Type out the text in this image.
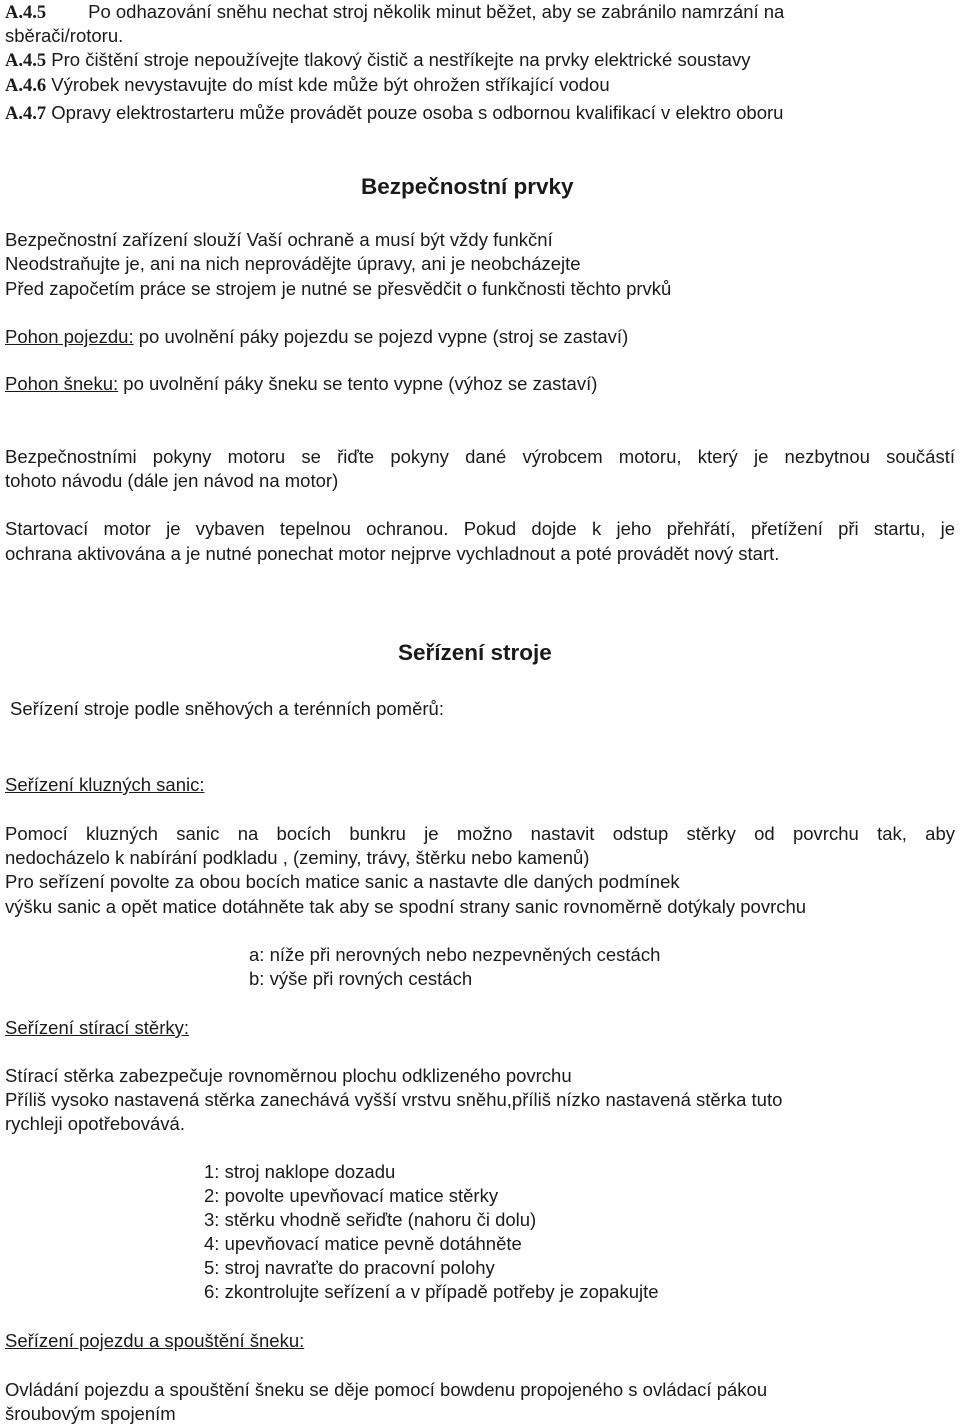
A.4.5 Po odhazování sněhu nechat stroj několik minut běžet, aby se zabránilo namrzání na
sběrači/rotoru.
A.4.5 Pro čištění stroje nepoužívejte tlakový čistič a nestříkejte na prvky elektrické soustavy
A.4.6 Výrobek nevystavujte do míst kde může být ohrožen stříkající vodou
A.4.7 Opravy elektrostarteru může provádět pouze osoba s odbornou kvalifikací v elektro oboru
Bezpečnostní prvky
Bezpečnostní zařízení slouží Vaší ochraně a musí být vždy funkční
Neodstraňujte je, ani na nich neprovádějte úpravy, ani je neobcházejte
Před započetím práce se strojem je nutné se přesvědčit o funkčnosti těchto prvků
Pohon pojezdu: po uvolnění páky pojezdu se pojezd vypne (stroj se zastaví)
Pohon šneku: po uvolnění páky šneku se tento vypne (výhoz se zastaví)
Bezpečnostními pokyny motoru se řiďte pokyny dané výrobcem motoru, který je nezbytnou součástí
tohoto návodu (dále jen návod na motor)
Startovací motor je vybaven tepelnou ochranou. Pokud dojde k jeho přehřátí, přetížení při startu, je
ochrana aktivována a je nutné ponechat motor nejprve vychladnout a poté provádět nový start.
Seřízení stroje
Seřízení stroje podle sněhových a terénních poměrů:
Seřízení kluzných sanic:
Pomocí kluzných sanic na bocích bunkru je možno nastavit odstup stěrky od povrchu tak, aby
nedocházelo k nabírání podkladu , (zeminy, trávy, štěrku nebo kamenů)
Pro seřízení povolte za obou bocích matice sanic a nastavte dle daných podmínek
výšku sanic a opět matice dotáhněte tak aby se spodní strany sanic rovnoměrně dotýkaly povrchu
a: níže při nerovných nebo nezpevněných cestách
b: výše při rovných cestách
Seřízení stírací stěrky:
Stírací stěrka zabezpečuje rovnoměrnou plochu odklizeného povrchu
Příliš vysoko nastavená stěrka zanechává vyšší vrstvu sněhu,příliš nízko nastavená stěrka tuto
rychleji opotřebovává.
1: stroj naklope dozadu
2: povolte upevňovací matice stěrky
3: stěrku vhodně seřiďte (nahoru či dolu)
4: upevňovací matice pevně dotáhněte
5: stroj navraťte do pracovní polohy
6: zkontrolujte seřízení a v případě potřeby je zopakujte
Seřízení pojezdu a spouštění šneku:
Ovládání pojezdu a spouštění šneku se děje pomocí bowdenu propojeného s ovládací pákou
šroubovým spojením
